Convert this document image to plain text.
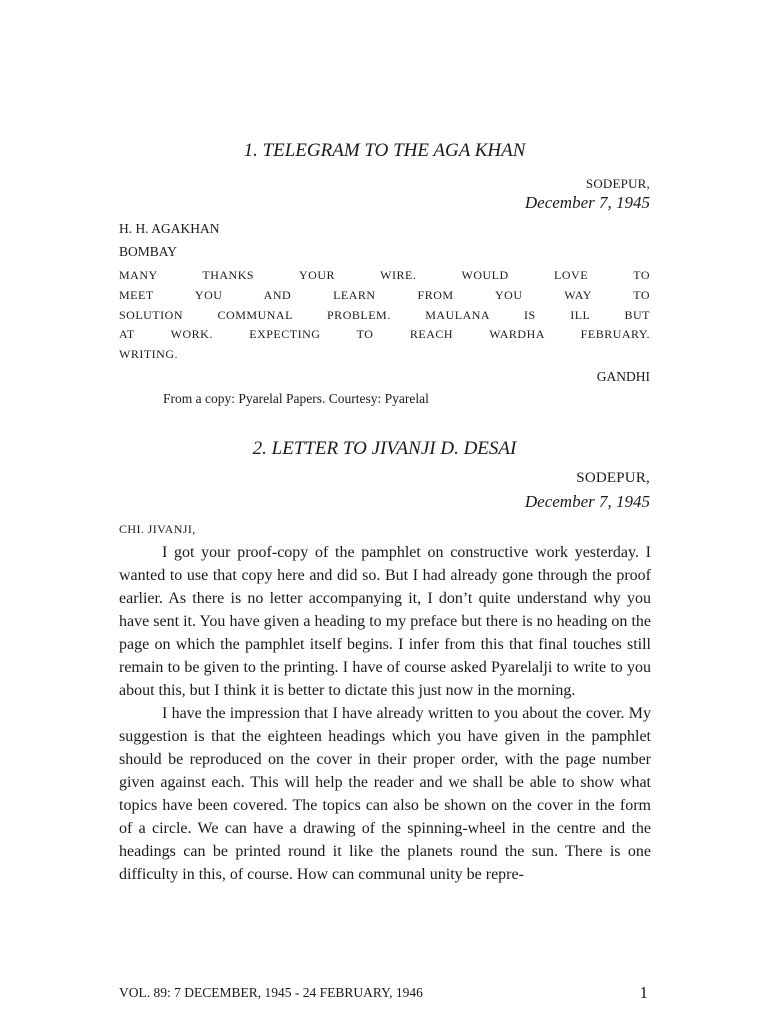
1. TELEGRAM TO THE AGA KHAN
SODEPUR,
December 7, 1945
H. H. AGAKHAN
BOMBAY
MANY THANKS YOUR WIRE. WOULD LOVE TO
MEET YOU AND LEARN FROM YOU WAY TO
SOLUTION COMMUNAL PROBLEM. MAULANA IS ILL BUT
AT WORK. EXPECTING TO REACH WARDHA FEBRUARY.
WRITING.
GANDHI
From a copy: Pyarelal Papers. Courtesy: Pyarelal
2. LETTER TO JIVANJI D. DESAI
SODEPUR,
December 7, 1945
CHI. JIVANJI,

I got your proof-copy of the pamphlet on constructive work yesterday. I wanted to use that copy here and did so. But I had already gone through the proof earlier. As there is no letter accompanying it, I don’t quite understand why you have sent it. You have given a heading to my preface but there is no heading on the page on which the pamphlet itself begins. I infer from this that final touches still remain to be given to the printing. I have of course asked Pyarelalji to write to you about this, but I think it is better to dictate this just now in the morning.

I have the impression that I have already written to you about the cover. My suggestion is that the eighteen headings which you have given in the pamphlet should be reproduced on the cover in their proper order, with the page number given against each. This will help the reader and we shall be able to show what topics have been covered. The topics can also be shown on the cover in the form of a circle. We can have a drawing of the spinning-wheel in the centre and the headings can be printed round it like the planets round the sun. There is one difficulty in this, of course. How can communal unity be repre-

VOL. 89: 7 DECEMBER, 1945 - 24 FEBRUARY, 1946	1
